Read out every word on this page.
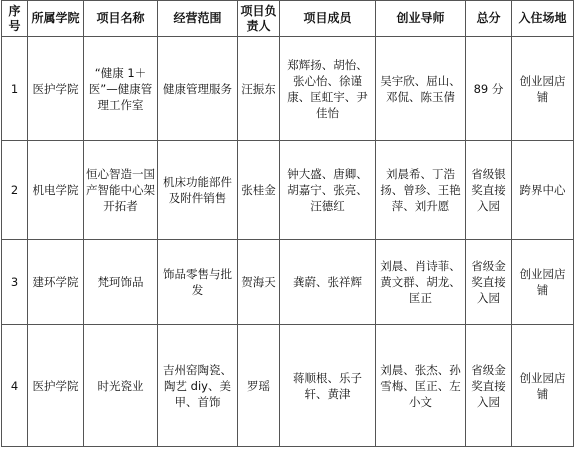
序号	所属学院	项目名称	经营范围	项目负责人	项目成员	创业导师	总分	入住场地
1	医护学院	“健康 1＋医”—健康管理工作室	健康管理服务	汪振东	郑辉扬、胡怡、张心怡、徐谨康、匡虹宇、尹佳怡	吴宇欣、屈山、邓侃、陈玉倩	89 分	创业园店铺
2	机电学院	恒心智造一国产智能中心架开拓者	机床功能部件及附件销售	张桂金	钟大盛、唐卿、胡嘉宁、张亮、汪德红	刘晨希、丁浩扬、曾珍、王艳萍、刘升愿	省级银奖直接入园	跨界中心
3	建环学院	梵珂饰品	饰品零售与批发	贺海天	龚蔚、张祥辉	刘晨、肖诗菲、黄文群、胡龙、匡正	省级金奖直接入园	创业园店铺
4	医护学院	时光瓷业	吉州窑陶瓷、陶艺 diy、美甲、首饰	罗瑶	蒋顺根、乐子轩、黄津	刘晨、张杰、孙雪梅、匡正、左小文	省级金奖直接入园	创业园店铺
